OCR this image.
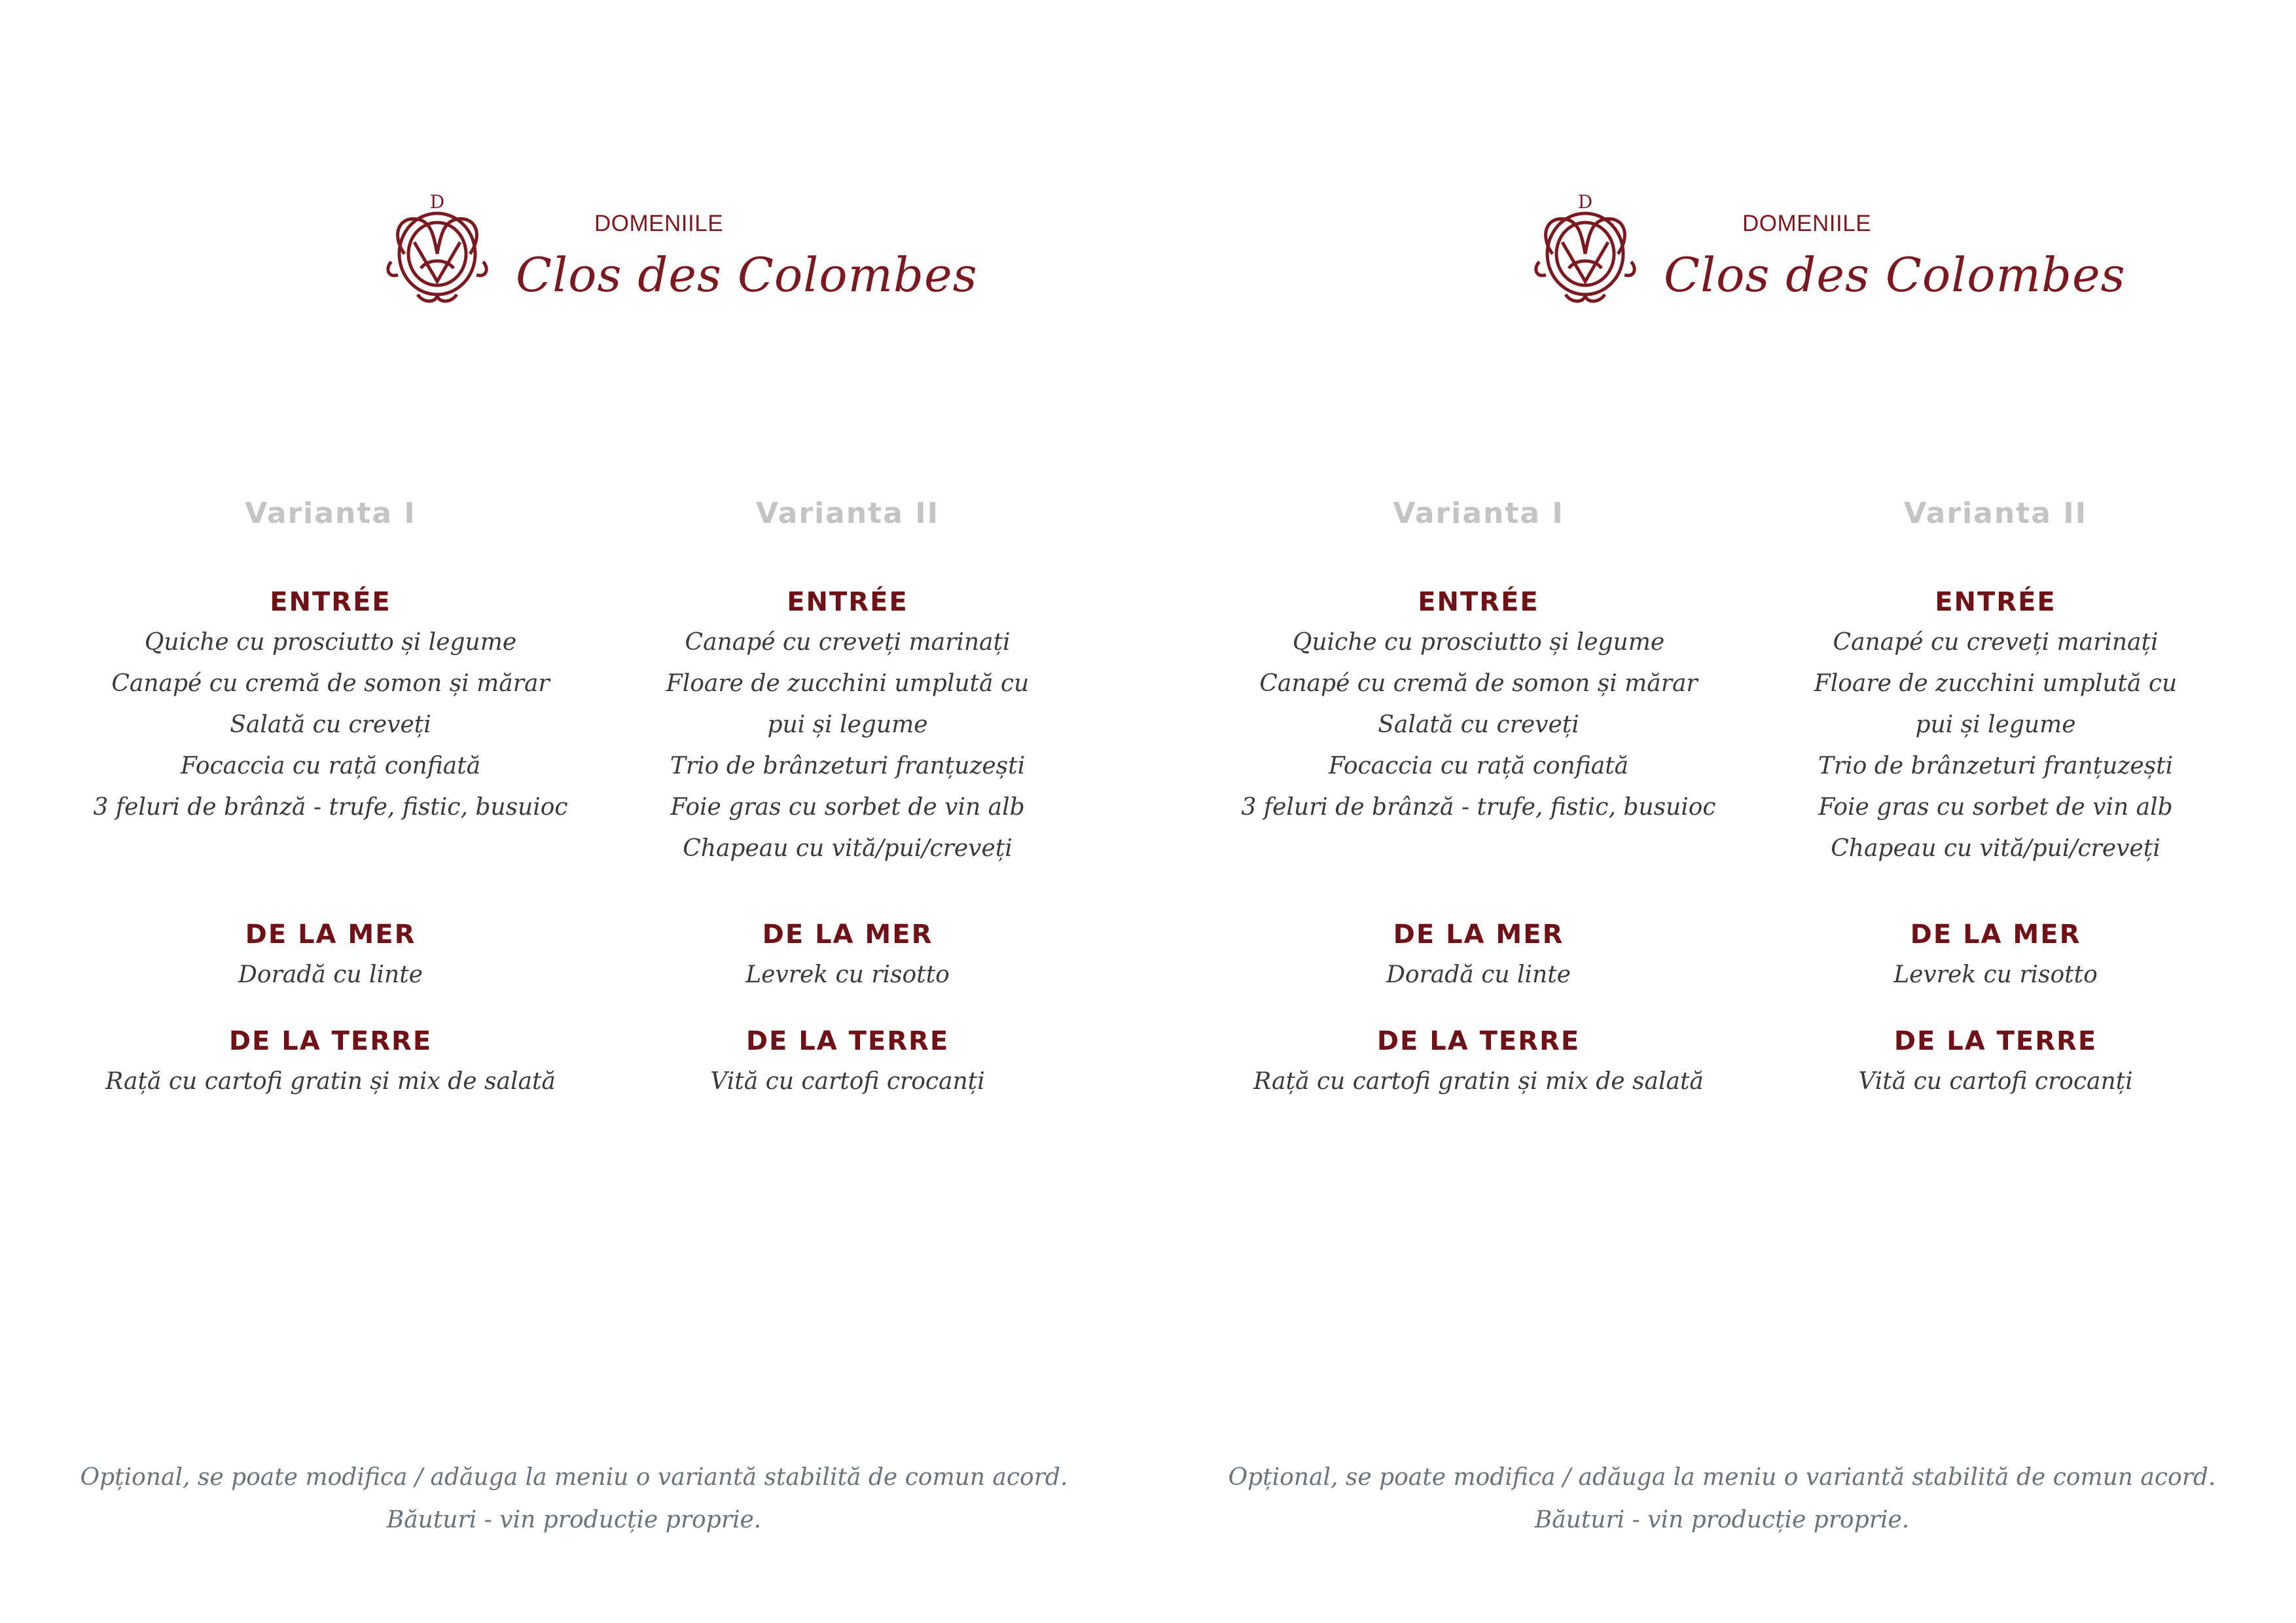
D
DOMENIILE
Clos des Colombes
Varianta I
ENTRÉE
Quiche cu prosciutto și legume
Canapé cu cremă de somon și mărar
Salată cu creveți
Focaccia cu rață confiată
3 feluri de brânză - trufe, fistic, busuioc
DE LA MER
Doradă cu linte
DE LA TERRE
Rață cu cartofi gratin și mix de salată
Varianta II
ENTRÉE
Canapé cu creveți marinați
Floare de zucchini umplută cu
pui și legume
Trio de brânzeturi franțuzești
Foie gras cu sorbet de vin alb
Chapeau cu vită/pui/creveți
DE LA MER
Levrek cu risotto
DE LA TERRE
Vită cu cartofi crocanți
Opțional, se poate modifica / adăuga la meniu o variantă stabilită de comun acord.
Băuturi - vin producție proprie.
D
DOMENIILE
Clos des Colombes
Varianta I
ENTRÉE
Quiche cu prosciutto și legume
Canapé cu cremă de somon și mărar
Salată cu creveți
Focaccia cu rață confiată
3 feluri de brânză - trufe, fistic, busuioc
DE LA MER
Doradă cu linte
DE LA TERRE
Rață cu cartofi gratin și mix de salată
Varianta II
ENTRÉE
Canapé cu creveți marinați
Floare de zucchini umplută cu
pui și legume
Trio de brânzeturi franțuzești
Foie gras cu sorbet de vin alb
Chapeau cu vită/pui/creveți
DE LA MER
Levrek cu risotto
DE LA TERRE
Vită cu cartofi crocanți
Opțional, se poate modifica / adăuga la meniu o variantă stabilită de comun acord.
Băuturi - vin producție proprie.
